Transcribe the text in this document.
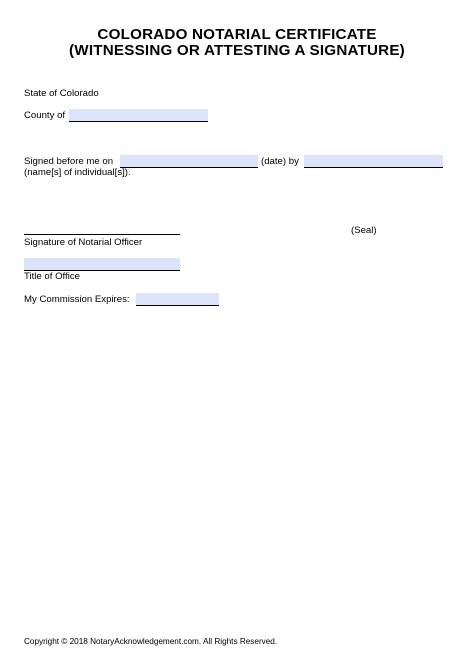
COLORADO NOTARIAL CERTIFICATE
(WITNESSING OR ATTESTING A SIGNATURE)
State of Colorado
County of
Signed before me on	(date) by
(name[s] of individual[s]).
(Seal)
Signature of Notarial Officer
Title of Office
My Commission Expires:
Copyright © 2018 NotaryAcknowledgement.com. All Rights Reserved.
